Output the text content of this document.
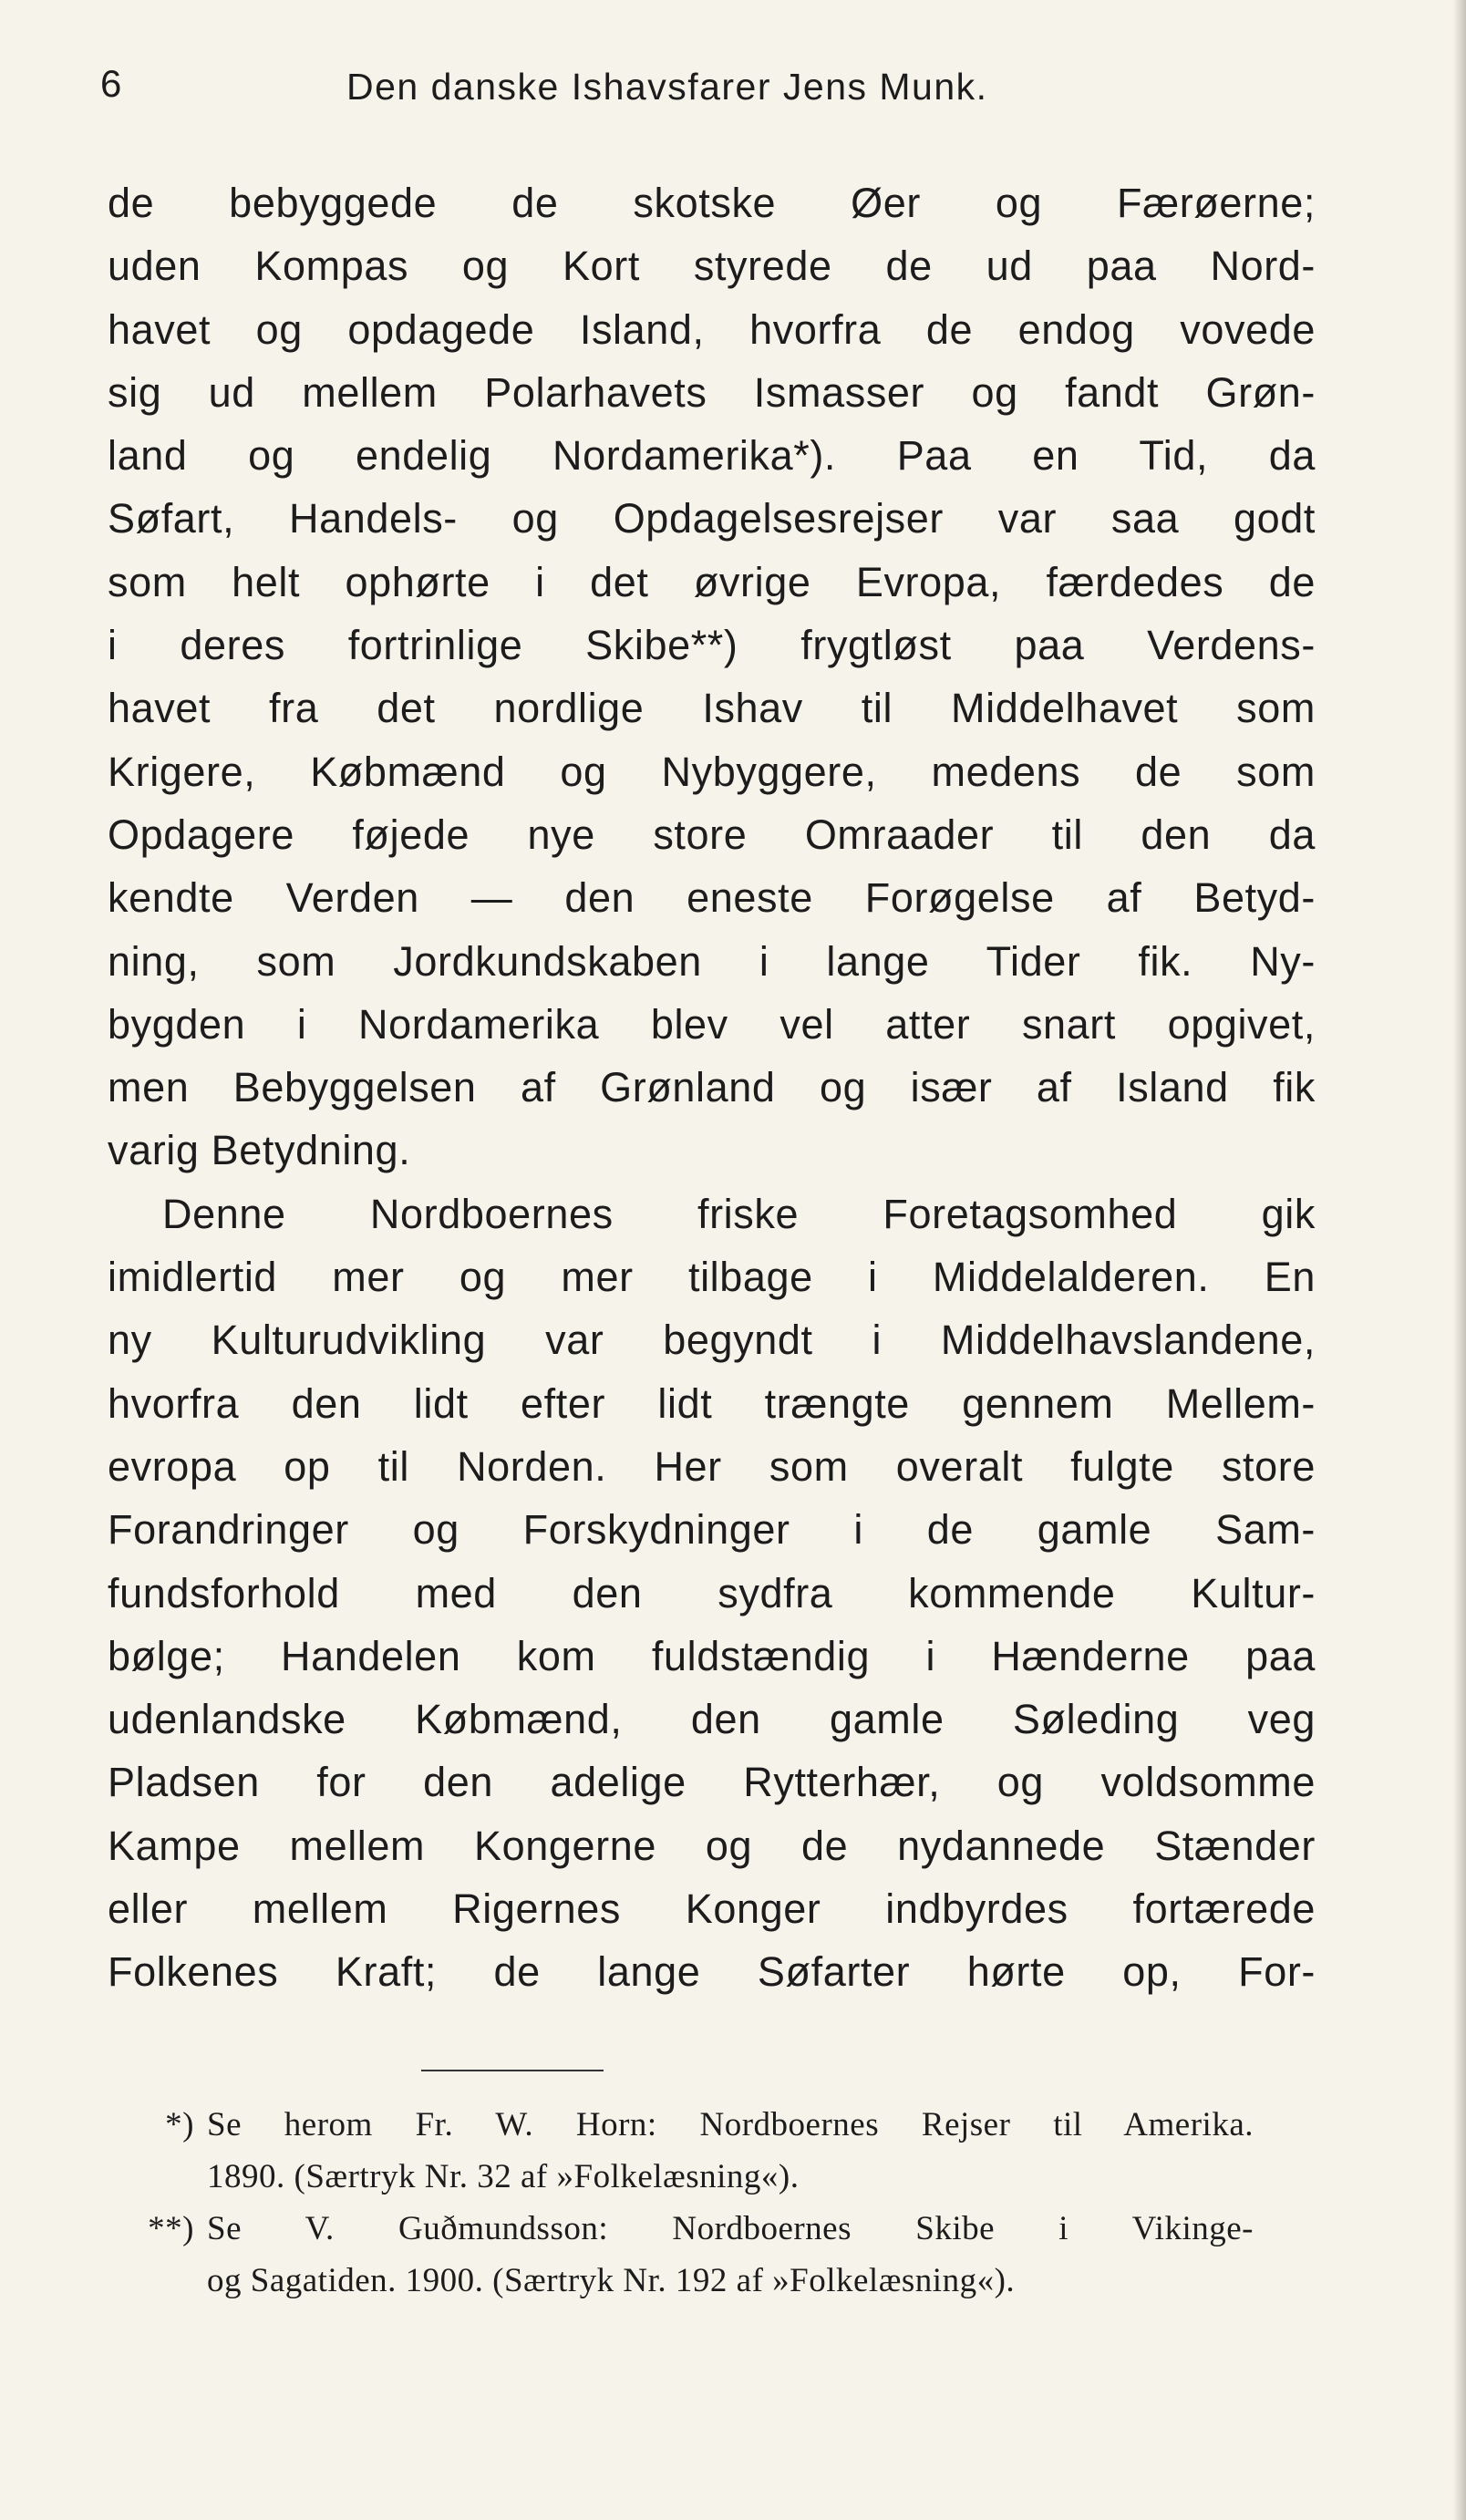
6	Den danske Ishavsfarer Jens Munk.
de bebyggede de skotske Øer og Færøerne;
uden Kompas og Kort styrede de ud paa Nord-
havet og opdagede Island, hvorfra de endog vovede
sig ud mellem Polarhavets Ismasser og fandt Grøn-
land og endelig Nordamerika*). Paa en Tid, da
Søfart, Handels- og Opdagelsesrejser var saa godt
som helt ophørte i det øvrige Evropa, færdedes de
i deres fortrinlige Skibe**) frygtløst paa Verdens-
havet fra det nordlige Ishav til Middelhavet som
Krigere, Købmænd og Nybyggere, medens de som
Opdagere føjede nye store Omraader til den da
kendte Verden — den eneste Forøgelse af Betyd-
ning, som Jordkundskaben i lange Tider fik. Ny-
bygden i Nordamerika blev vel atter snart opgivet,
men Bebyggelsen af Grønland og især af Island fik
varig Betydning.
Denne Nordboernes friske Foretagsomhed gik
imidlertid mer og mer tilbage i Middelalderen. En
ny Kulturudvikling var begyndt i Middelhavslandene,
hvorfra den lidt efter lidt trængte gennem Mellem-
evropa op til Norden. Her som overalt fulgte store
Forandringer og Forskydninger i de gamle Sam-
fundsforhold med den sydfra kommende Kultur-
bølge; Handelen kom fuldstændig i Hænderne paa
udenlandske Købmænd, den gamle Søleding veg
Pladsen for den adelige Rytterhær, og voldsomme
Kampe mellem Kongerne og de nydannede Stænder
eller mellem Rigernes Konger indbyrdes fortærede
Folkenes Kraft; de lange Søfarter hørte op, For-
*) Se herom Fr. W. Horn: Nordboernes Rejser til Amerika.
1890. (Særtryk Nr. 32 af »Folkelæsning«).
**) Se V. Guðmundsson: Nordboernes Skibe i Vikinge-
og Sagatiden. 1900. (Særtryk Nr. 192 af »Folkelæsning«).
